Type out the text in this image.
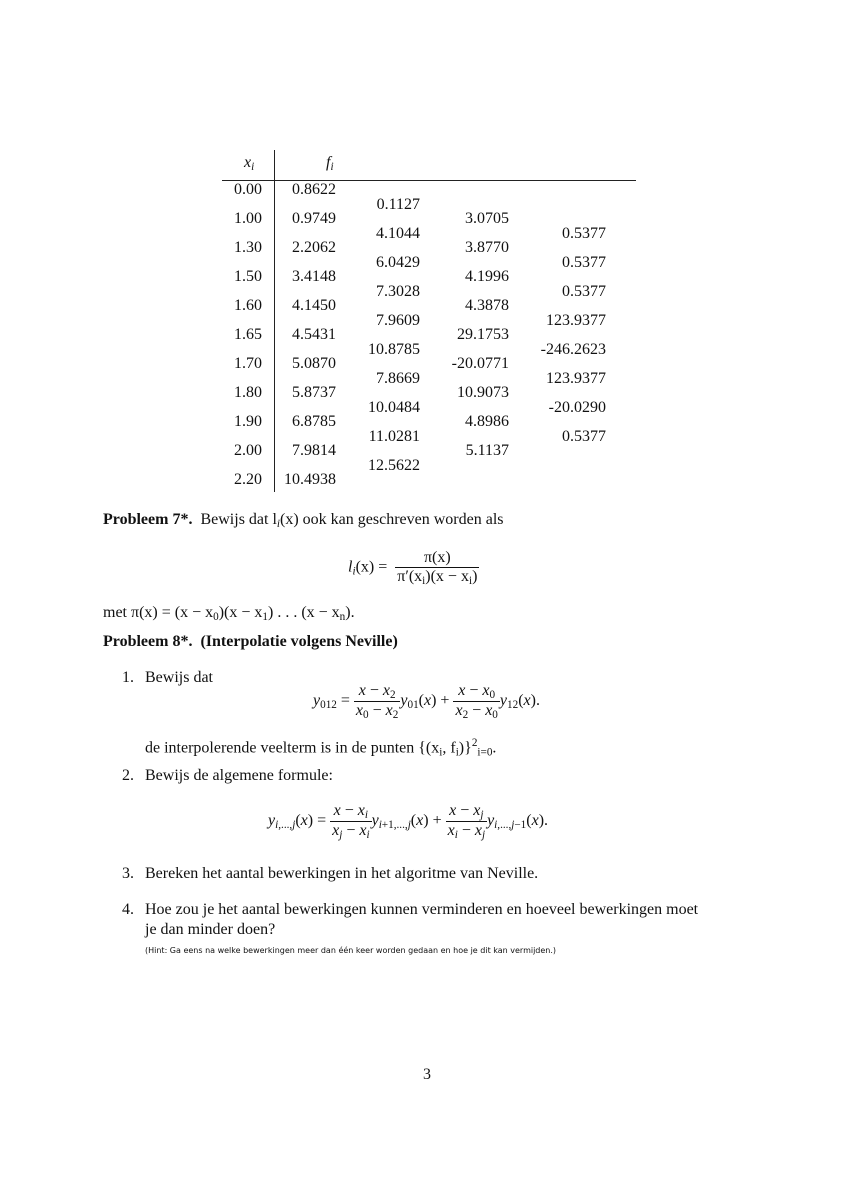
$x_i$	$f_i$
0.00
1.00
1.30
1.50
1.60
1.65
1.70
1.80
1.90
2.00
2.20
0.8622
0.9749
2.2062
3.4148
4.1450
4.5431
5.0870
5.8737
6.8785
7.9814
10.4938
0.1127
4.1044
6.0429
7.3028
7.9609
10.8785
7.8669
10.0484
11.0281
12.5622
3.0705
3.8770
4.1996
4.3878
29.1753
-20.0771
10.9073
4.8986
5.1137
0.5377
0.5377
0.5377
123.9377
-246.2623
123.9377
-20.0290
0.5377
Probleem 7*. Bewijs dat $l_i(x)$ ook kan geschreven worden als
$l_i(x) = \frac{\pi(x)}{\pi'(x_i)(x - x_i)}$
met $\pi(x) = (x - x_0)(x - x_1)$ . . . $(x - x_n)$.
Probleem 8*. (Interpolatie volgens Neville)
1. Bewijs dat
$y_{012} = \frac{x - x_2}{x_0 - x_2} y_{01}(x) + \frac{x - x_0}{x_2 - x_0} y_{12}(x)$.
de interpolerende veelterm is in de punten {($x_i$, $f_i)\}^2_{i=0}$.
2. Bewijs de algemene formule:
$y_{i,...,j}(x) = \frac{x - x_i}{x_j - x_i} y_{i+1,...,j}(x) + \frac{x - x_j}{x_i - x_j} y_{i,...,j-1}(x)$.
3. Bereken het aantal bewerkingen in het algoritme van Neville.
4. Hoe zou je het aantal bewerkingen kunnen verminderen en hoeveel bewerkingen moet
je dan minder doen?
(Hint: Ga eens na welke bewerkingen meer dan één keer worden gedaan en hoe je dit kan vermijden.)
3
